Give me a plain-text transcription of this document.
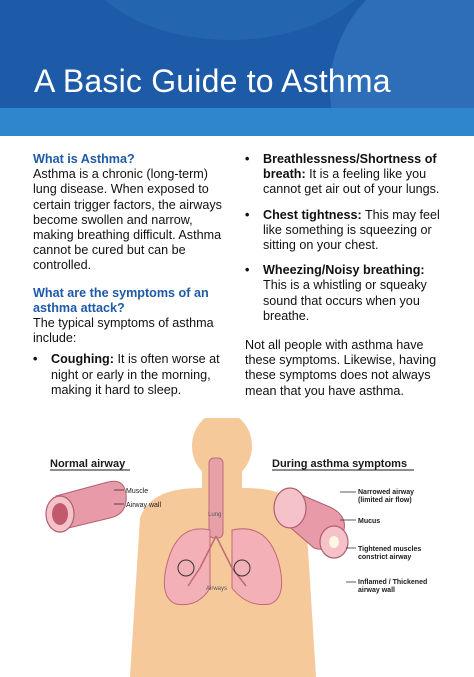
A Basic Guide to Asthma
What is Asthma?

Asthma is a chronic (long-term) lung disease. When exposed to certain trigger factors, the airways become swollen and narrow, making breathing difficult. Asthma cannot be cured but can be controlled.

What are the symptoms of an asthma attack?

The typical symptoms of asthma include:

• Coughing: It is often worse at night or early in the morning, making it hard to sleep.
• Breathlessness/Shortness of breath: It is a feeling like you cannot get air out of your lungs.
• Chest tightness: This may feel like something is squeezing or sitting on your chest.
• Wheezing/Noisy breathing: This is a whistling or squeaky sound that occurs when you breathe.

Not all people with asthma have these symptoms. Likewise, having these symptoms does not always mean that you have asthma.

Lung
Airways
Normal airway
Muscle
Airway wall
During asthma symptoms
Narrowed airway
(limited air flow)
Mucus
Tightened muscles
constrict airway
Inflamed / Thickened
airway wall
